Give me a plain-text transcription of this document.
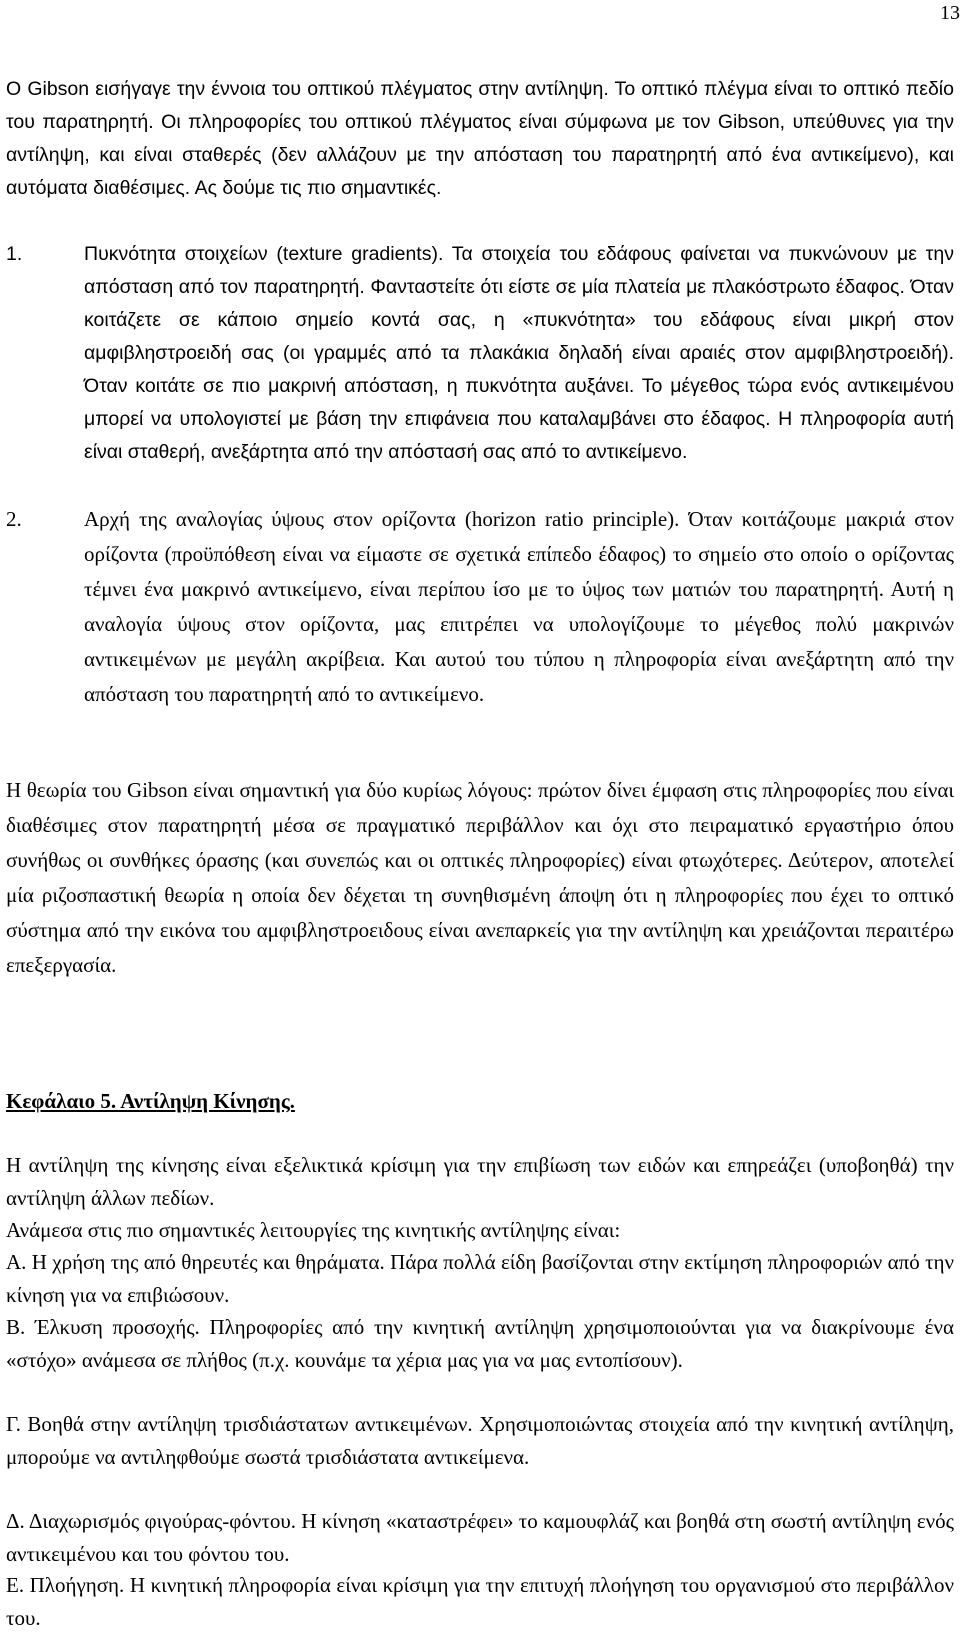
13

Ο Gibson εισήγαγε την έννοια του οπτικού πλέγματος στην αντίληψη. Το οπτικό πλέγμα είναι το οπτικό πεδίο του παρατηρητή. Οι πληροφορίες του οπτικού πλέγματος είναι σύμφωνα με τον Gibson, υπεύθυνες για την αντίληψη, και είναι σταθερές (δεν αλλάζουν με την απόσταση του παρατηρητή από ένα αντικείμενο), και αυτόματα διαθέσιμες. Ας δούμε τις πιο σημαντικές.

1.	Πυκνότητα στοιχείων (texture gradients). Τα στοιχεία του εδάφους φαίνεται να πυκνώνουν με την απόσταση από τον παρατηρητή. Φανταστείτε ότι είστε σε μία πλατεία με πλακόστρωτο έδαφος. Όταν κοιτάζετε σε κάποιο σημείο κοντά σας, η «πυκνότητα» του εδάφους είναι μικρή στον αμφιβληστροειδή σας (οι γραμμές από τα πλακάκια δηλαδή είναι αραιές στον αμφιβληστροειδή). Όταν κοιτάτε σε πιο μακρινή απόσταση, η πυκνότητα αυξάνει. Το μέγεθος τώρα ενός αντικειμένου μπορεί να υπολογιστεί με βάση την επιφάνεια που καταλαμβάνει στο έδαφος. Η πληροφορία αυτή είναι σταθερή, ανεξάρτητα από την απόστασή σας από το αντικείμενο.
2.	Αρχή της αναλογίας ύψους στον ορίζοντα (horizon ratio principle). Όταν κοιτάζουμε μακριά στον ορίζοντα (προϋπόθεση είναι να είμαστε σε σχετικά επίπεδο έδαφος) το σημείο στο οποίο ο ορίζοντας τέμνει ένα μακρινό αντικείμενο, είναι περίπου ίσο με το ύψος των ματιών του παρατηρητή. Αυτή η αναλογία ύψους στον ορίζοντα, μας επιτρέπει να υπολογίζουμε το μέγεθος πολύ μακρινών αντικειμένων με μεγάλη ακρίβεια. Και αυτού του τύπου η πληροφορία είναι ανεξάρτητη από την απόσταση του παρατηρητή από το αντικείμενο.

Η θεωρία του Gibson είναι σημαντική για δύο κυρίως λόγους: πρώτον δίνει έμφαση στις πληροφορίες που είναι διαθέσιμες στον παρατηρητή μέσα σε πραγματικό περιβάλλον και όχι στο πειραματικό εργαστήριο όπου συνήθως οι συνθήκες όρασης (και συνεπώς και οι οπτικές πληροφορίες) είναι φτωχότερες. Δεύτερον, αποτελεί μία ριζοσπαστική θεωρία η οποία δεν δέχεται τη συνηθισμένη άποψη ότι η πληροφορίες που έχει το οπτικό σύστημα από την εικόνα του αμφιβληστροειδους είναι ανεπαρκείς για την αντίληψη και χρειάζονται περαιτέρω επεξεργασία.

Κεφάλαιο 5. Αντίληψη Κίνησης.

Η αντίληψη της κίνησης είναι εξελικτικά κρίσιμη για την επιβίωση των ειδών και επηρεάζει (υποβοηθά) την αντίληψη άλλων πεδίων.

Ανάμεσα στις πιο σημαντικές λειτουργίες της κινητικής αντίληψης είναι:

Α. Η χρήση της από θηρευτές και θηράματα. Πάρα πολλά είδη βασίζονται στην εκτίμηση πληροφοριών από την κίνηση για να επιβιώσουν.

Β. Έλκυση προσοχής. Πληροφορίες από την κινητική αντίληψη χρησιμοποιούνται για να διακρίνουμε ένα «στόχο» ανάμεσα σε πλήθος (π.χ. κουνάμε τα χέρια μας για να μας εντοπίσουν).

Γ. Βοηθά στην αντίληψη τρισδιάστατων αντικειμένων. Χρησιμοποιώντας στοιχεία από την κινητική αντίληψη, μπορούμε να αντιληφθούμε σωστά τρισδιάστατα αντικείμενα.

Δ. Διαχωρισμός φιγούρας-φόντου. Η κίνηση «καταστρέφει» το καμουφλάζ και βοηθά στη σωστή αντίληψη ενός αντικειμένου και του φόντου του.

Ε. Πλοήγηση. Η κινητική πληροφορία είναι κρίσιμη για την επιτυχή πλοήγηση του οργανισμού στο περιβάλλον του.
